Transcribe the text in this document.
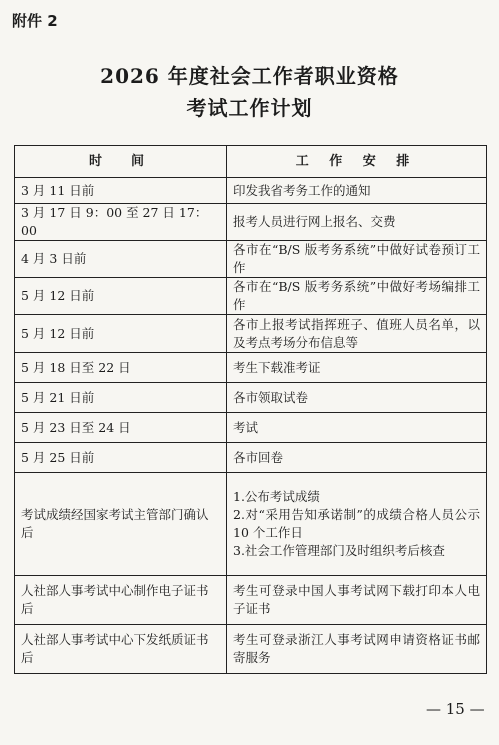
附件 2
2026 年度社会工作者职业资格
考试工作计划
时　间	工 作 安 排
3 月 11 日前	印发我省考务工作的通知

3 月 17 日 9：00 至 27 日 17：00	报考人员进行网上报名、交费

4 月 3 日前	各市在“B/S 版考务系统”中做好试卷预订工作

5 月 12 日前	各市在“B/S 版考务系统”中做好考场编排工作

5 月 12 日前	各市上报考试指挥班子、值班人员名单，以及考点考场分布信息等

5 月 18 日至 22 日	考生下载准考证

5 月 21 日前	各市领取试卷

5 月 23 日至 24 日	考试

5 月 25 日前	各市回卷

考试成绩经国家考试主管部门确认后	1.公布考试成绩
2.对“采用告知承诺制”的成绩合格人员公示 10 个工作日
3.社会工作管理部门及时组织考后核查

人社部人事考试中心制作电子证书后	考生可登录中国人事考试网下载打印本人电子证书

人社部人事考试中心下发纸质证书后	考生可登录浙江人事考试网申请资格证书邮寄服务
— 15 —
